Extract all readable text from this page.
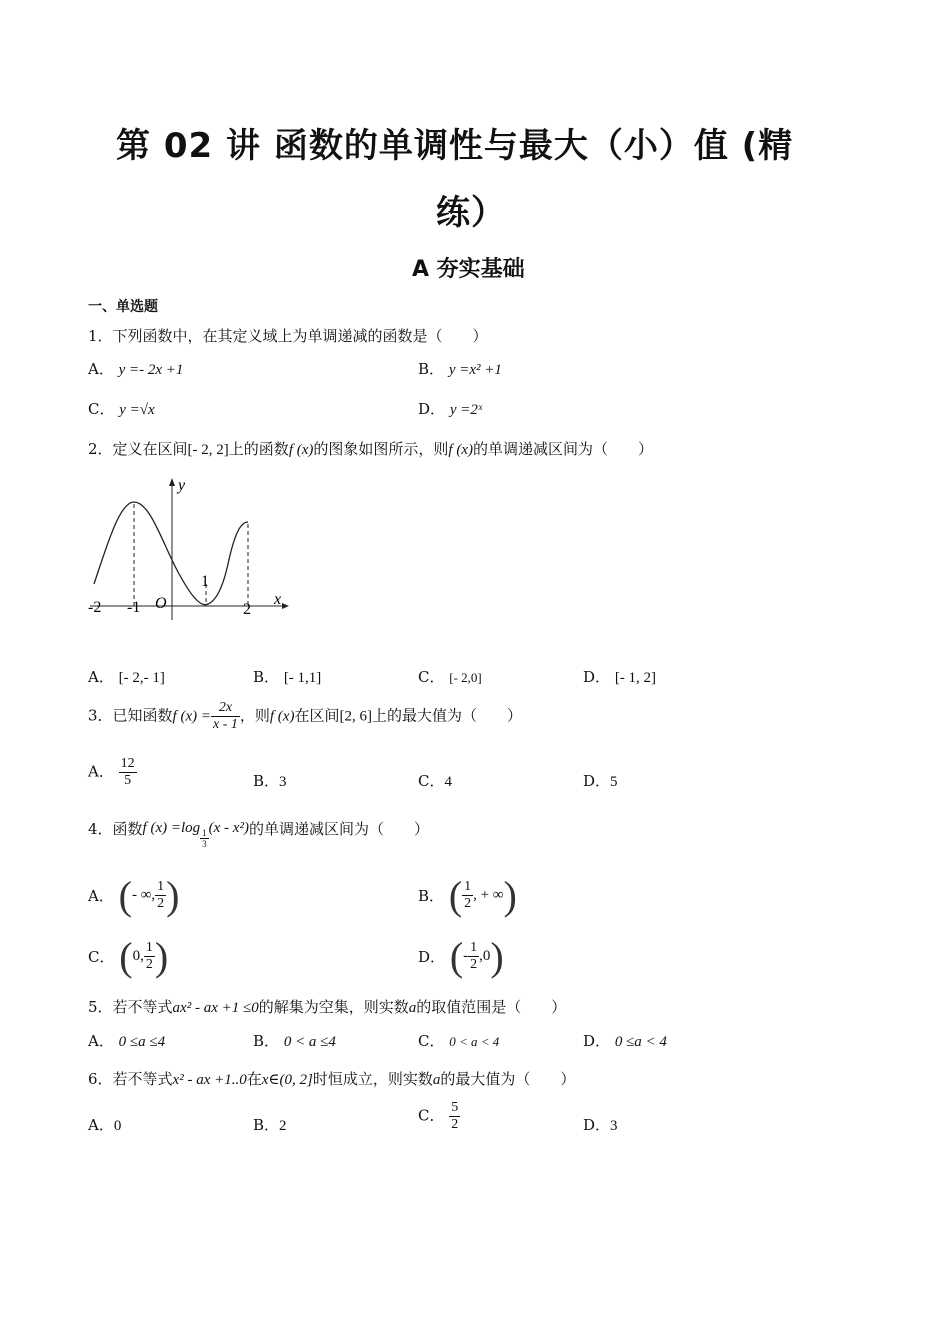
第 02 讲 函数的单调性与最大（小）值 (精
练）
A 夯实基础
一、单选题
1．下列函数中，在其定义域上为单调递减的函数是（　　）
A． y =- 2x +1	B． y =x² +1
C． y =√x	D． y =2ˣ
2．定义在区间[- 2, 2]上的函数f (x)的图象如图所示，则f (x)的单调递减区间为（　　）
y
x
O
-2 -1
1
2
A． [- 2,- 1]	B． [- 1,1]	C． [- 2,0]	D． [- 1, 2]
3．已知函数f $(x) = \frac{2x}{x - 1}$ ，则f (x)在区间[2, 6]上的最大值为（　　）
A． $\frac{12}{5}$	B．3	C．4	D．5
4．函数f $(x) =\log \frac{1}{3} (x - x^2)$的单调递减区间为（　　）
A． (- ∞, $\frac{1}{2}$ )	B． ( $\frac{1}{2}$ , + ∞)
C． (0, $\frac{1}{2}$ )	D． (- $\frac{1}{2} ,0$)
5．若不等式ax² - ax +1 ≤0的解集为空集，则实数a的取值范围是（　　）
A． 0 ≤a ≤4	B． 0 < a ≤4	C． 0 < a < 4	D． 0 ≤a < 4
6．若不等式x² - ax +1..0在x∈(0, 2]时恒成立，则实数a的最大值为（　　）
A．0	B．2
C． $\frac{5}{2}$	D．3
